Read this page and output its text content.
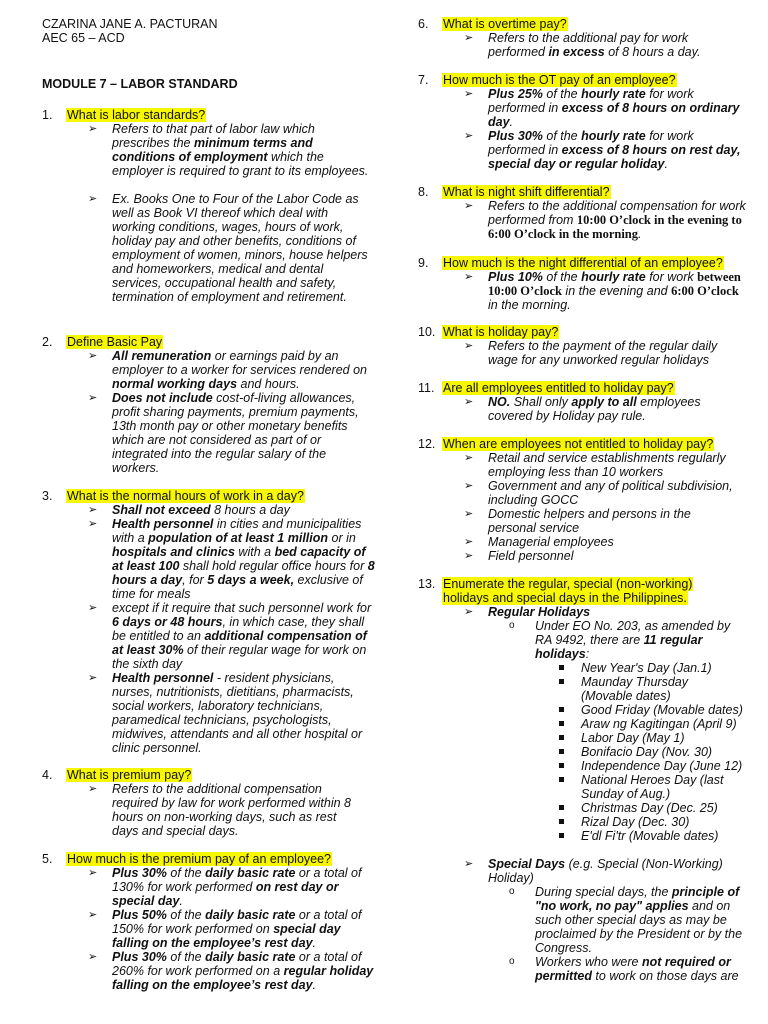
CZARINA JANE A. PACTURAN
AEC 65 – ACD
MODULE 7 – LABOR STANDARD
1. What is labor standards?
➢ Refers to that part of labor law which prescribes the minimum terms and conditions of employment which the employer is required to grant to its employees.
➢ Ex. Books One to Four of the Labor Code as well as Book VI thereof which deal with working conditions, wages, hours of work, holiday pay and other benefits, conditions of employment of women, minors, house helpers and homeworkers, medical and dental services, occupational health and safety, termination of employment and retirement.
2. Define Basic Pay
➢ All remuneration or earnings paid by an employer to a worker for services rendered on normal working days and hours.
➢ Does not include cost-of-living allowances, profit sharing payments, premium payments, 13th month pay or other monetary benefits which are not considered as part of or integrated into the regular salary of the workers.
3. What is the normal hours of work in a day?
➢ Shall not exceed 8 hours a day
➢ Health personnel in cities and municipalities with a population of at least 1 million or in hospitals and clinics with a bed capacity of at least 100 shall hold regular office hours for 8 hours a day, for 5 days a week, exclusive of time for meals
➢ except if it require that such personnel work for 6 days or 48 hours, in which case, they shall be entitled to an additional compensation of at least 30% of their regular wage for work on the sixth day
➢ Health personnel - resident physicians, nurses, nutritionists, dietitians, pharmacists, social workers, laboratory technicians, paramedical technicians, psychologists, midwives, attendants and all other hospital or clinic personnel.
4. What is premium pay?
➢ Refers to the additional compensation required by law for work performed within 8 hours on non-working days, such as rest days and special days.
5. How much is the premium pay of an employee?
➢ Plus 30% of the daily basic rate or a total of 130% for work performed on rest day or special day.
➢ Plus 50% of the daily basic rate or a total of 150% for work performed on special day falling on the employee’s rest day.
➢ Plus 30% of the daily basic rate or a total of 260% for work performed on a regular holiday falling on the employee’s rest day.
6. What is overtime pay?
➢ Refers to the additional pay for work performed in excess of 8 hours a day.
7. How much is the OT pay of an employee?
➢ Plus 25% of the hourly rate for work performed in excess of 8 hours on ordinary day.
➢ Plus 30% of the hourly rate for work performed in excess of 8 hours on rest day, special day or regular holiday.
8. What is night shift differential?
➢ Refers to the additional compensation for work performed from 10:00 O’clock in the evening to 6:00 O’clock in the morning.
9. How much is the night differential of an employee?
➢ Plus 10% of the hourly rate for work between 10:00 O’clock in the evening and 6:00 O’clock in the morning.
10. What is holiday pay?
➢ Refers to the payment of the regular daily wage for any unworked regular holidays
11. Are all employees entitled to holiday pay?
➢ NO. Shall only apply to all employees covered by Holiday pay rule.
12. When are employees not entitled to holiday pay?
➢ Retail and service establishments regularly employing less than 10 workers
➢ Government and any of political subdivision, including GOCC
➢ Domestic helpers and persons in the personal service
➢ Managerial employees
➢ Field personnel
13. Enumerate the regular, special (non-working)
holidays and special days in the Philippines.
➢ Regular Holidays
o Under EO No. 203, as amended by RA 9492, there are 11 regular holidays:
New Year's Day (Jan.1)
Maunday Thursday (Movable dates)
Good Friday (Movable dates)
Araw ng Kagitingan (April 9)
Labor Day (May 1)
Bonifacio Day (Nov. 30)
Independence Day (June 12)
National Heroes Day (last Sunday of Aug.)
Christmas Day (Dec. 25)
Rizal Day (Dec. 30)
E'dl Fi'tr (Movable dates)
➢ Special Days (e.g. Special (Non-Working) Holiday)
o During special days, the principle of "no work, no pay" applies and on such other special days as may be proclaimed by the President or by the Congress.
o Workers who were not required or permitted to work on those days are
